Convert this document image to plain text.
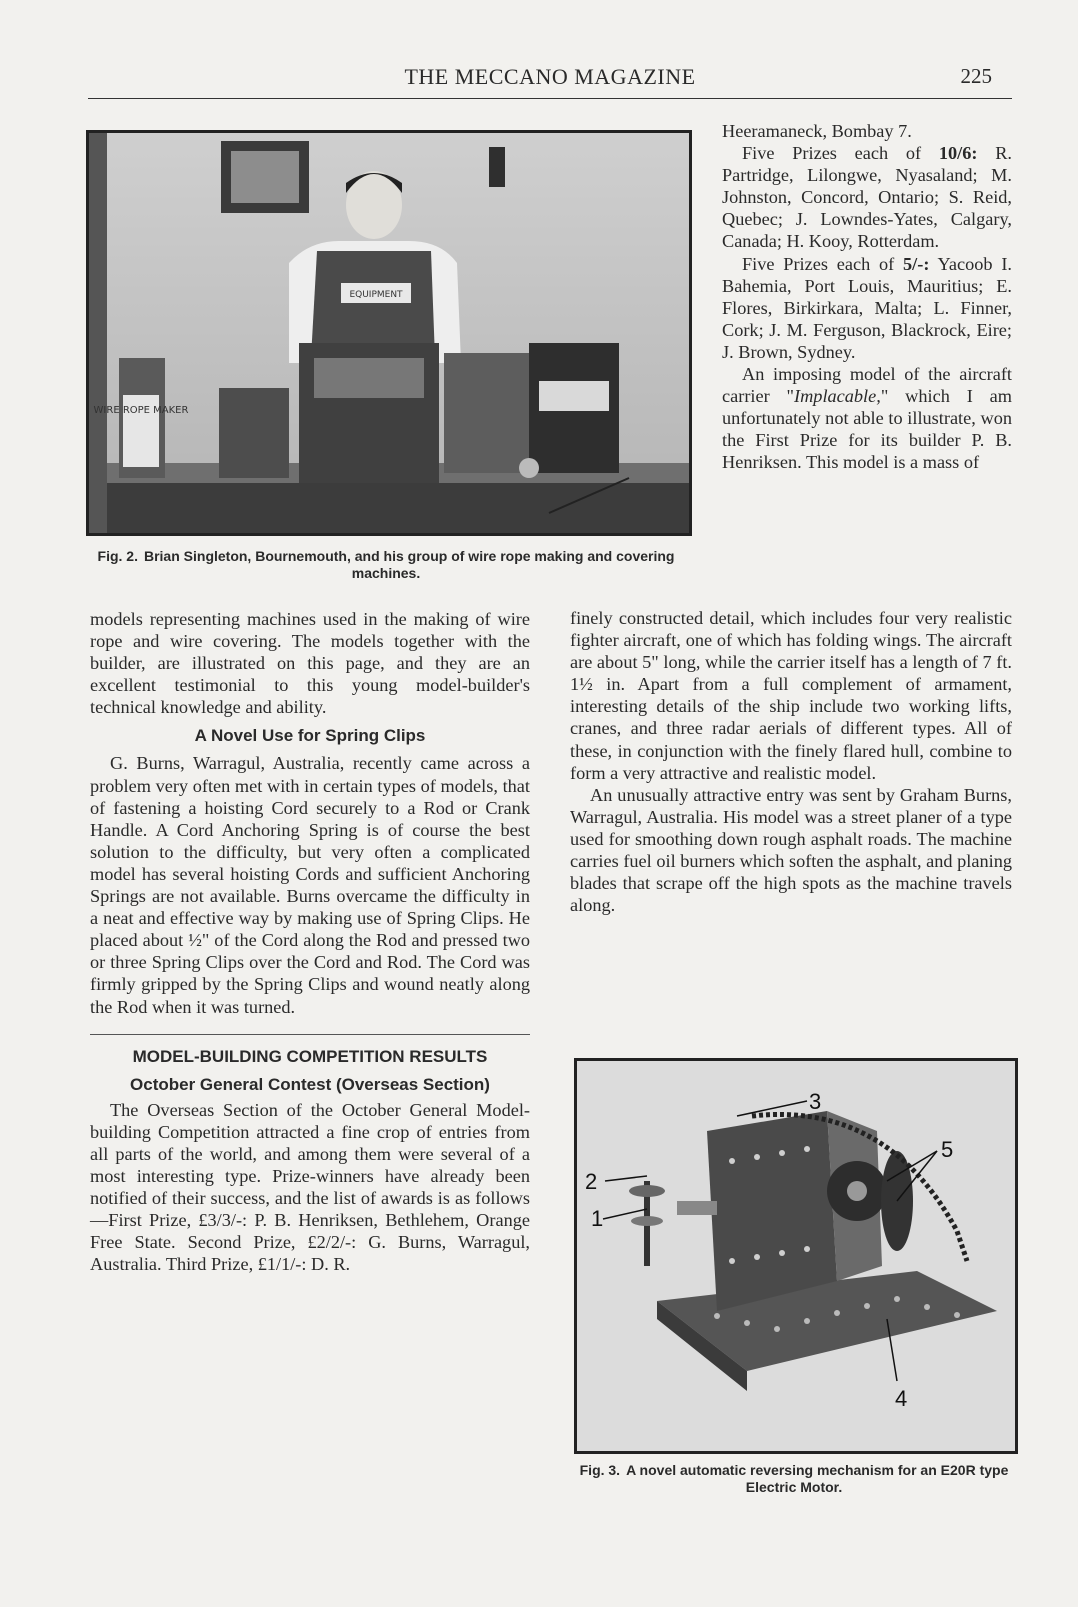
THE MECCANO MAGAZINE	225
EQUIPMENT
WIRE ROPE MAKER
Fig. 2. Brian Singleton, Bournemouth, and his group of wire rope making and covering machines.

models representing machines used in the making of wire rope and wire covering. The models together with the builder, are illustrated on this page, and they are an excellent testimonial to this young model-builder's technical knowledge and ability.

A Novel Use for Spring Clips

G. Burns, Warragul, Australia, recently came across a problem very often met with in certain types of models, that of fastening a hoisting Cord securely to a Rod or Crank Handle. A Cord Anchoring Spring is of course the best solution to the difficulty, but very often a complicated model has several hoisting Cords and sufficient Anchoring Springs are not available. Burns overcame the difficulty in a neat and effective way by making use of Spring Clips. He placed about ½" of the Cord along the Rod and pressed two or three Spring Clips over the Cord and Rod. The Cord was firmly gripped by the Spring Clips and wound neatly along the Rod when it was turned.

MODEL-BUILDING COMPETITION RESULTS
October General Contest (Overseas Section)

The Overseas Section of the October General Model-building Competition attracted a fine crop of entries from all parts of the world, and among them were several of a most interesting type. Prize-winners have already been notified of their success, and the list of awards is as follows—First Prize, £3/3/-: P. B. Henriksen, Bethlehem, Orange Free State. Second Prize, £2/2/-: G. Burns, Warragul, Australia. Third Prize, £1/1/-: D. R.

Heeramaneck, Bombay 7.

Five Prizes each of 10/6: R. Partridge, Lilongwe, Nyasaland; M. Johnston, Concord, Ontario; S. Reid, Quebec; J. Lowndes-Yates, Calgary, Canada; H. Kooy, Rotterdam.

Five Prizes each of 5/-: Yacoob I. Bahemia, Port Louis, Mauritius; E. Flores, Birkirkara, Malta; L. Finner, Cork; J. M. Ferguson, Blackrock, Eire; J. Brown, Sydney.

An imposing model of the aircraft carrier "Implacable," which I am unfortunately not able to illustrate, won the First Prize for its builder P. B. Henriksen. This model is a mass of

finely constructed detail, which includes four very realistic fighter aircraft, one of which has folding wings. The aircraft are about 5" long, while the carrier itself has a length of 7 ft. 1½ in. Apart from a full complement of armament, interesting details of the ship include two working lifts, cranes, and three radar aerials of different types. All of these, in conjunction with the finely flared hull, combine to form a very attractive and realistic model.

An unusually attractive entry was sent by Graham Burns, Warragul, Australia. His model was a street planer of a type used for smoothing down rough asphalt roads. The machine carries fuel oil burners which soften the asphalt, and planing blades that scrape off the high spots as the machine travels along.

1
2
3
4
5
Fig. 3. A novel automatic reversing mechanism for an E20R type Electric Motor.
